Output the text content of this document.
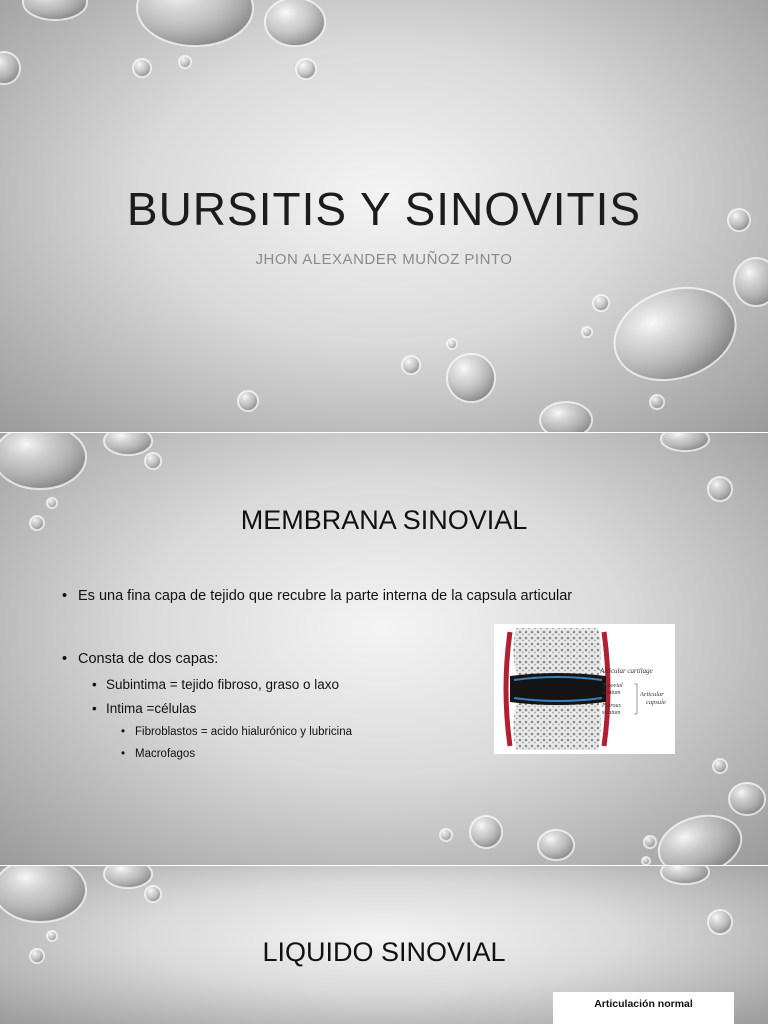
BURSITIS Y SINOVITIS
JHON ALEXANDER MUÑOZ PINTO
MEMBRANA SINOVIAL
• Es una fina capa de tejido que recubre la parte interna de la capsula articular
• Consta de dos capas:
• Subintima = tejido fibroso, graso o laxo
• Intima =células
• Fibroblastos = acido hialurónico y lubricina
• Macrofagos
Articular cartilage
Synovial
stratum
Fibrous
stratum
Articular
capsule
LIQUIDO SINOVIAL
Articulación normal
